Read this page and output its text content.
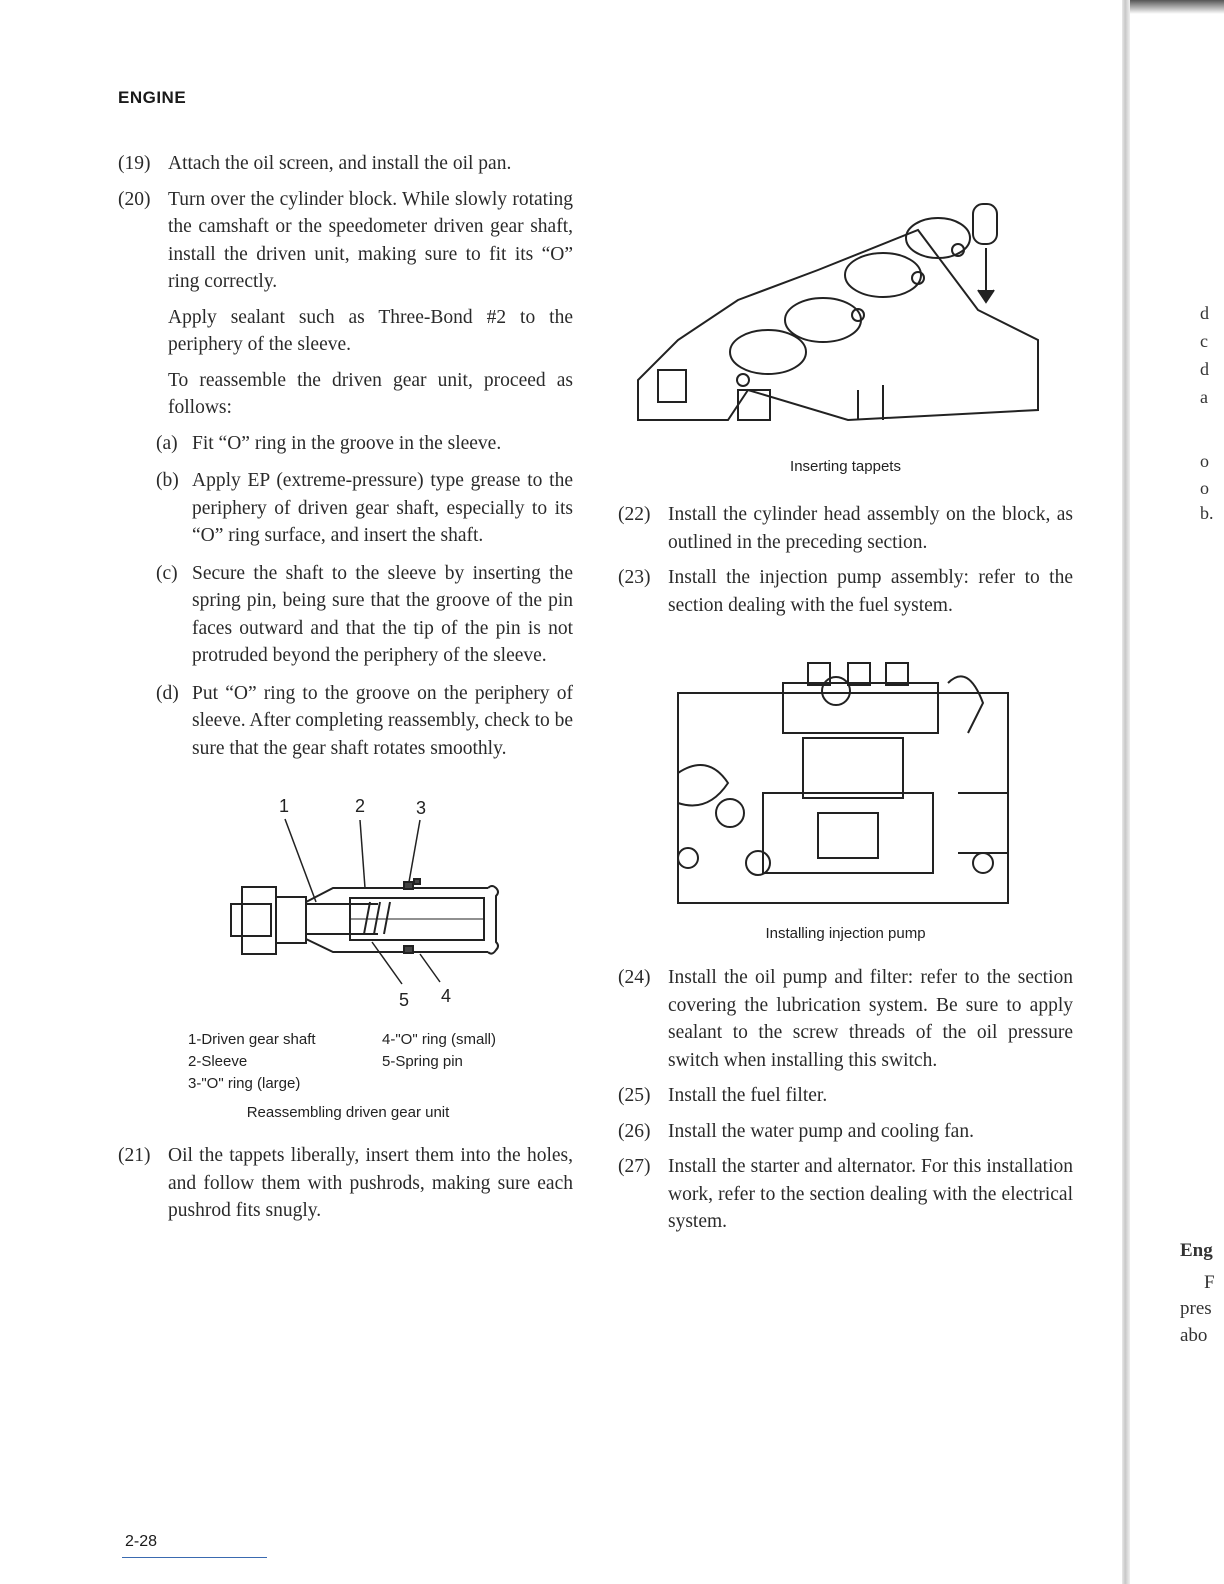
ENGINE
(19) Attach the oil screen, and install the oil pan.
(20) Turn over the cylinder block. While slowly rotating the camshaft or the speedometer driven gear shaft, install the driven unit, making sure to fit its “O” ring correctly.

Apply sealant such as Three-Bond #2 to the periphery of the sleeve.

To reassemble the driven gear unit, proceed as follows:

(a) Fit “O” ring in the groove in the sleeve.
(b) Apply EP (extreme-pressure) type grease to the periphery of driven gear shaft, especially to its “O” ring surface, and insert the shaft.
(c) Secure the shaft to the sleeve by inserting the spring pin, being sure that the groove of the pin faces outward and that the tip of the pin is not protruded beyond the periphery of the sleeve.
(d) Put “O” ring to the groove on the periphery of sleeve. After completing reassembly, check to be sure that the gear shaft rotates smoothly.
1	2	3
4
5
1-Driven gear shaft	4-"O" ring (small)
2-Sleeve	5-Spring pin
3-"O" ring (large)
Reassembling driven gear unit
(21) Oil the tappets liberally, insert them into the holes, and follow them with pushrods, making sure each pushrod fits snugly.
Inserting tappets
(22) Install the cylinder head assembly on the block, as outlined in the preceding section.
(23) Install the injection pump assembly: refer to the section dealing with the fuel system.
Installing injection pump
(24) Install the oil pump and filter: refer to the section covering the lubrication system. Be sure to apply sealant to the screw threads of the oil pressure switch when installing this switch.
(25) Install the fuel filter.
(26) Install the water pump and cooling fan.
(27) Install the starter and alternator. For this installation work, refer to the section dealing with the electrical system.
2-28
d
c
d
a
o
o
b.
Eng
F
pres
abo
